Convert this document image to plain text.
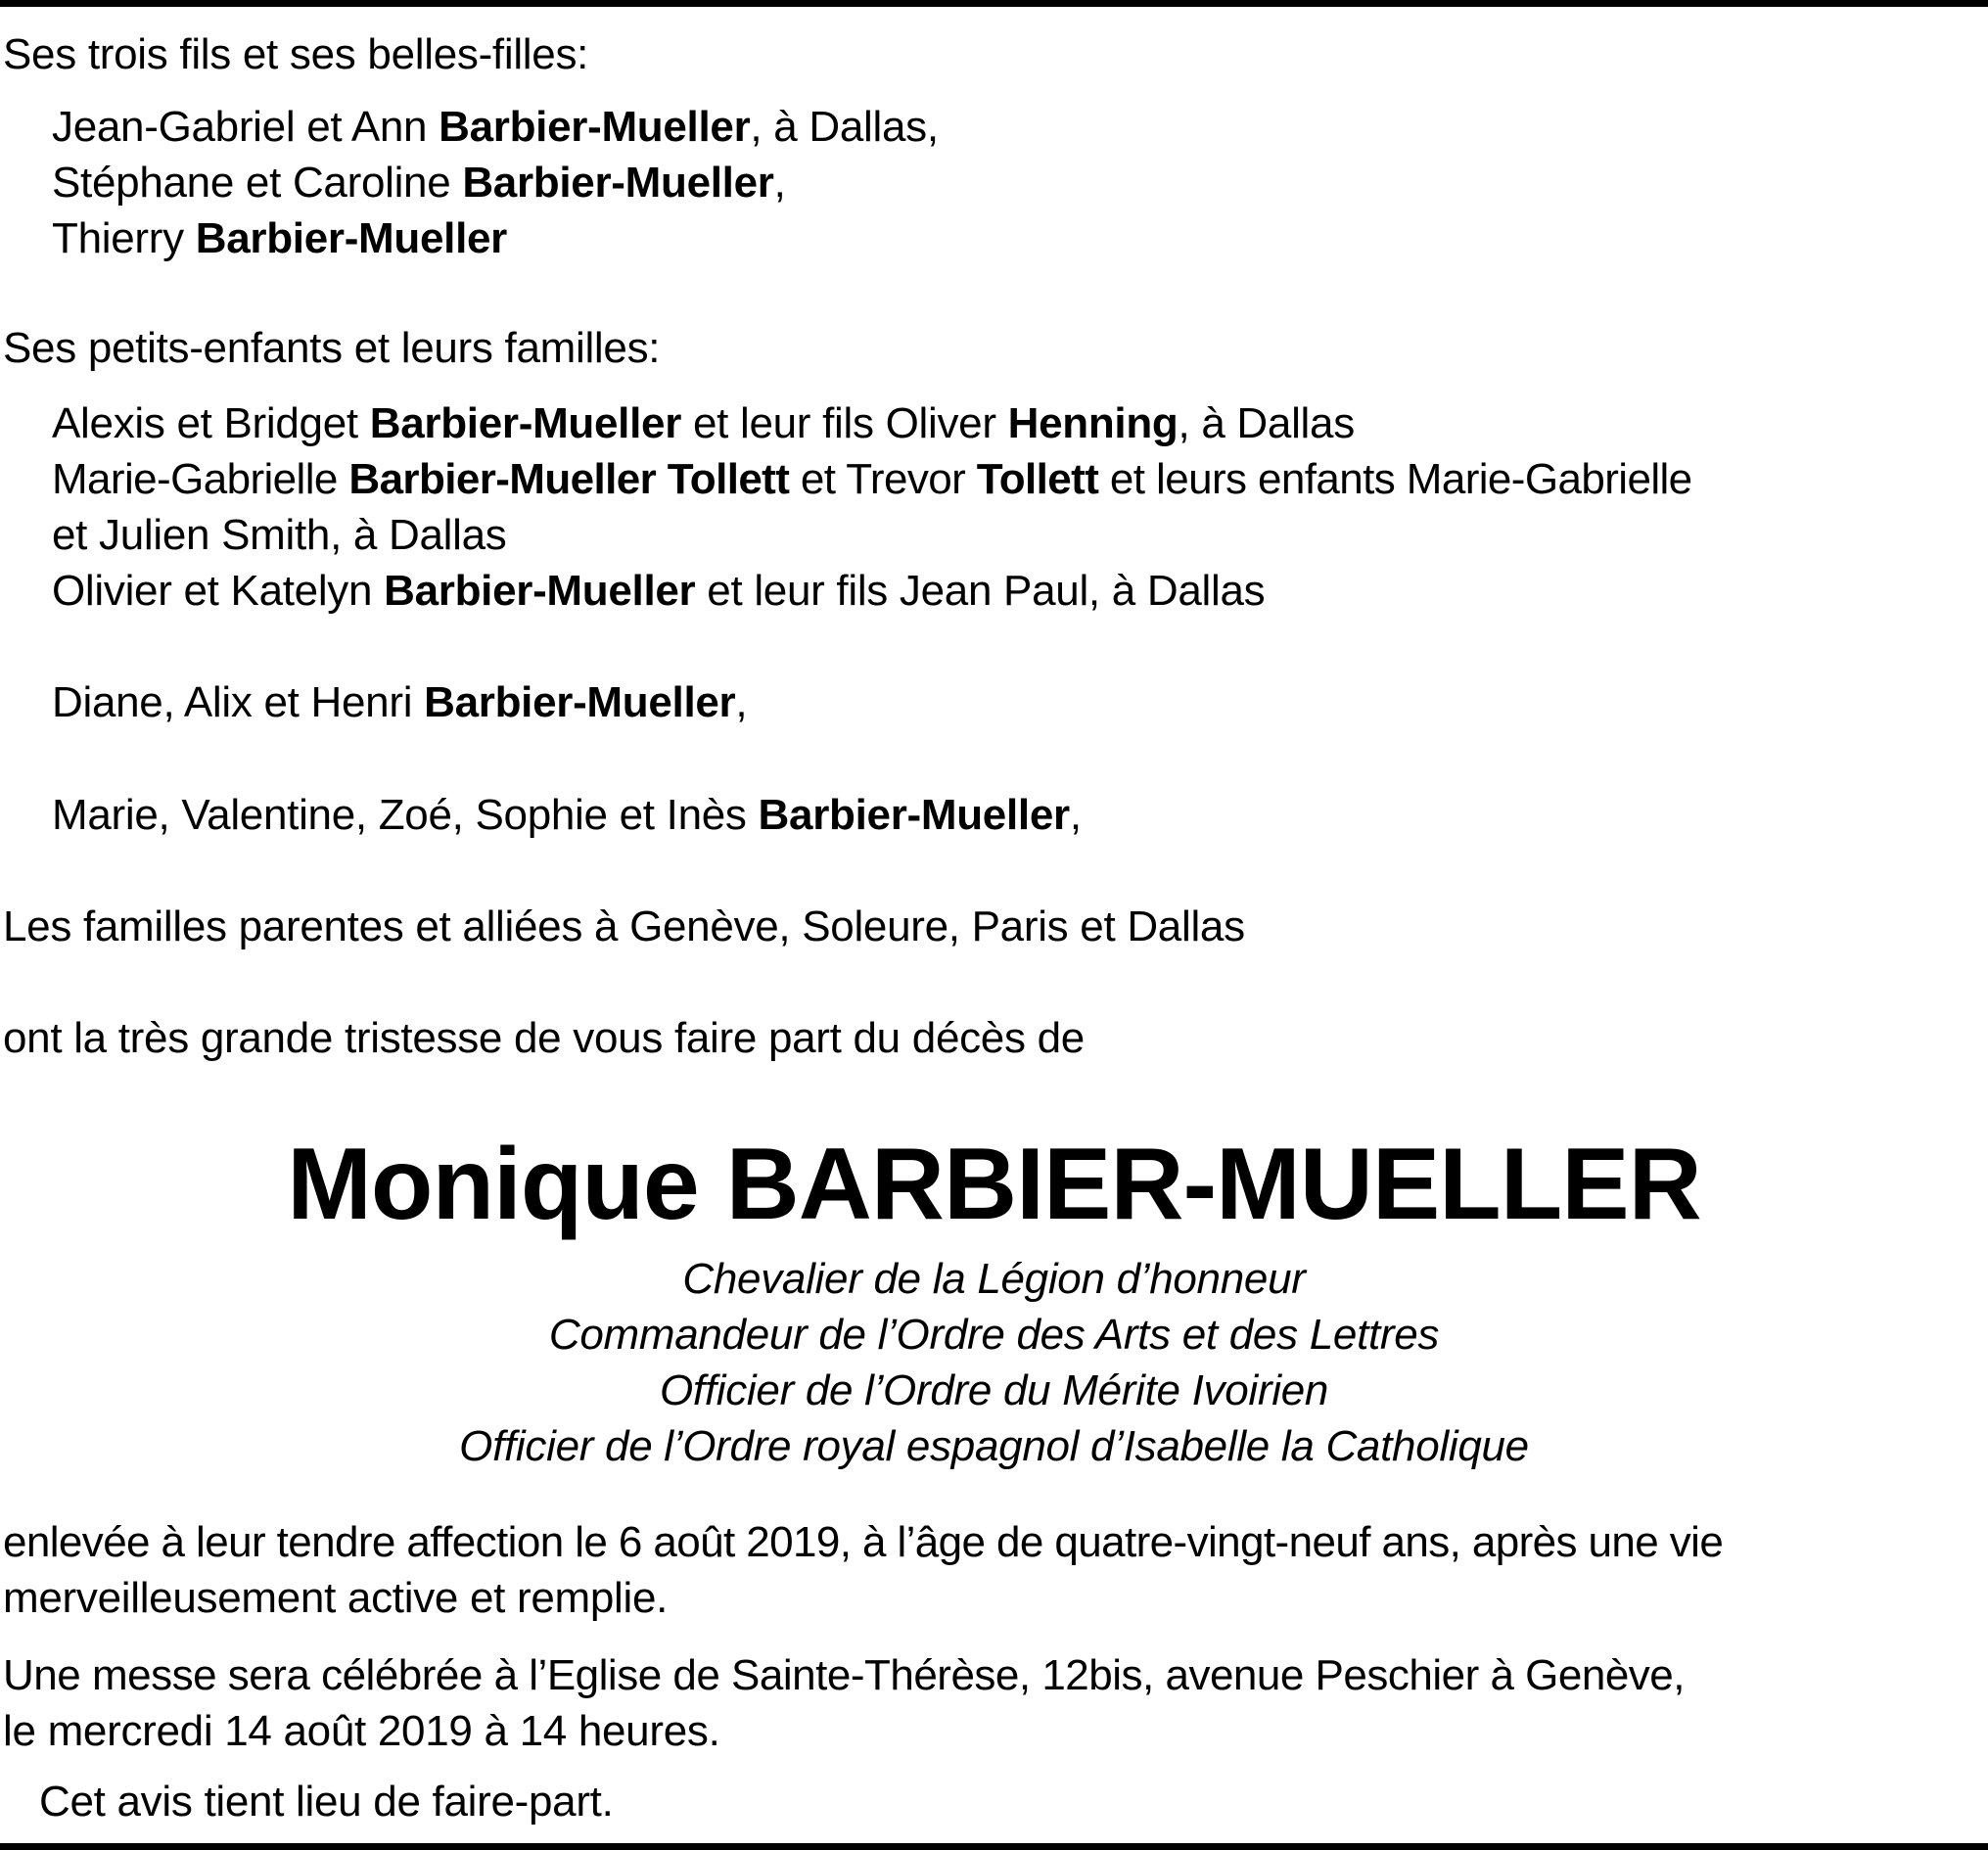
Ses trois fils et ses belles-filles:
Jean-Gabriel et Ann Barbier-Mueller, à Dallas,
Stéphane et Caroline Barbier-Mueller,
Thierry Barbier-Mueller
Ses petits-enfants et leurs familles:
Alexis et Bridget Barbier-Mueller et leur fils Oliver Henning, à Dallas
Marie-Gabrielle Barbier-Mueller Tollett et Trevor Tollett et leurs enfants Marie-Gabrielle
et Julien Smith, à Dallas
Olivier et Katelyn Barbier-Mueller et leur fils Jean Paul, à Dallas
Diane, Alix et Henri Barbier-Mueller,
Marie, Valentine, Zoé, Sophie et Inès Barbier-Mueller,
Les familles parentes et alliées à Genève, Soleure, Paris et Dallas
ont la très grande tristesse de vous faire part du décès de
Monique BARBIER-MUELLER
Chevalier de la Légion d’honneur
Commandeur de l’Ordre des Arts et des Lettres
Officier de l’Ordre du Mérite Ivoirien
Officier de l’Ordre royal espagnol d’Isabelle la Catholique
enlevée à leur tendre affection le 6 août 2019, à l’âge de quatre-vingt-neuf ans, après une vie
merveilleusement active et remplie.
Une messe sera célébrée à l’Eglise de Sainte-Thérèse, 12bis, avenue Peschier à Genève,
le mercredi 14 août 2019 à 14 heures.
Cet avis tient lieu de faire-part.
